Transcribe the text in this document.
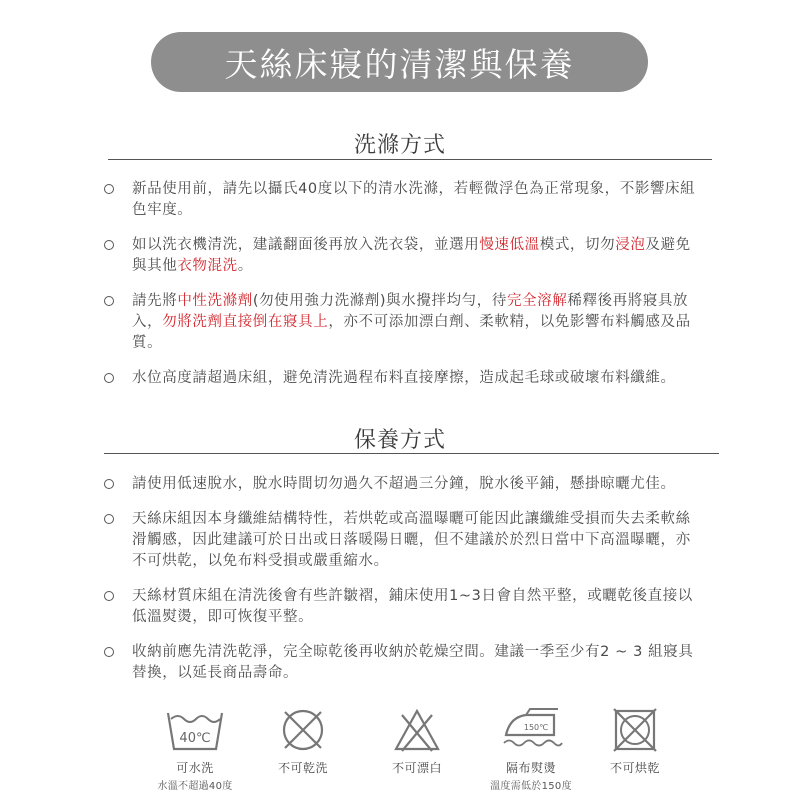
天絲床寢的清潔與保養
洗滌方式
新品使用前，請先以攝氏40度以下的清水洗滌，若輕微浮色為正常現象，不影響床組色牢度。
如以洗衣機清洗，建議翻面後再放入洗衣袋，並選用慢速低溫模式，切勿浸泡及避免與其他衣物混洗。
請先將中性洗滌劑(勿使用強力洗滌劑)與水攪拌均勻，待完全溶解稀釋後再將寢具放入，勿將洗劑直接倒在寢具上，亦不可添加漂白劑、柔軟精，以免影響布料觸感及品質。
水位高度請超過床組，避免清洗過程布料直接摩擦，造成起毛球或破壞布料纖維。
保養方式
請使用低速脫水，脫水時間切勿過久不超過三分鐘，脫水後平鋪，懸掛晾曬尤佳。
天絲床組因本身纖維結構特性，若烘乾或高溫曝曬可能因此讓纖維受損而失去柔軟絲滑觸感，因此建議可於日出或日落暖陽日曬，但不建議於於烈日當中下高溫曝曬，亦不可烘乾，以免布料受損或嚴重縮水。
天絲材質床組在清洗後會有些許皺褶，鋪床使用1~3日會自然平整，或曬乾後直接以低溫熨燙，即可恢復平整。
收納前應先清洗乾淨，完全晾乾後再收納於乾燥空間。建議一季至少有2 ~ 3 組寢具替換，以延長商品壽命。
40℃
可水洗
水溫不超過40度
不可乾洗	不可漂白
150℃
隔布熨燙
溫度需低於150度
不可烘乾
